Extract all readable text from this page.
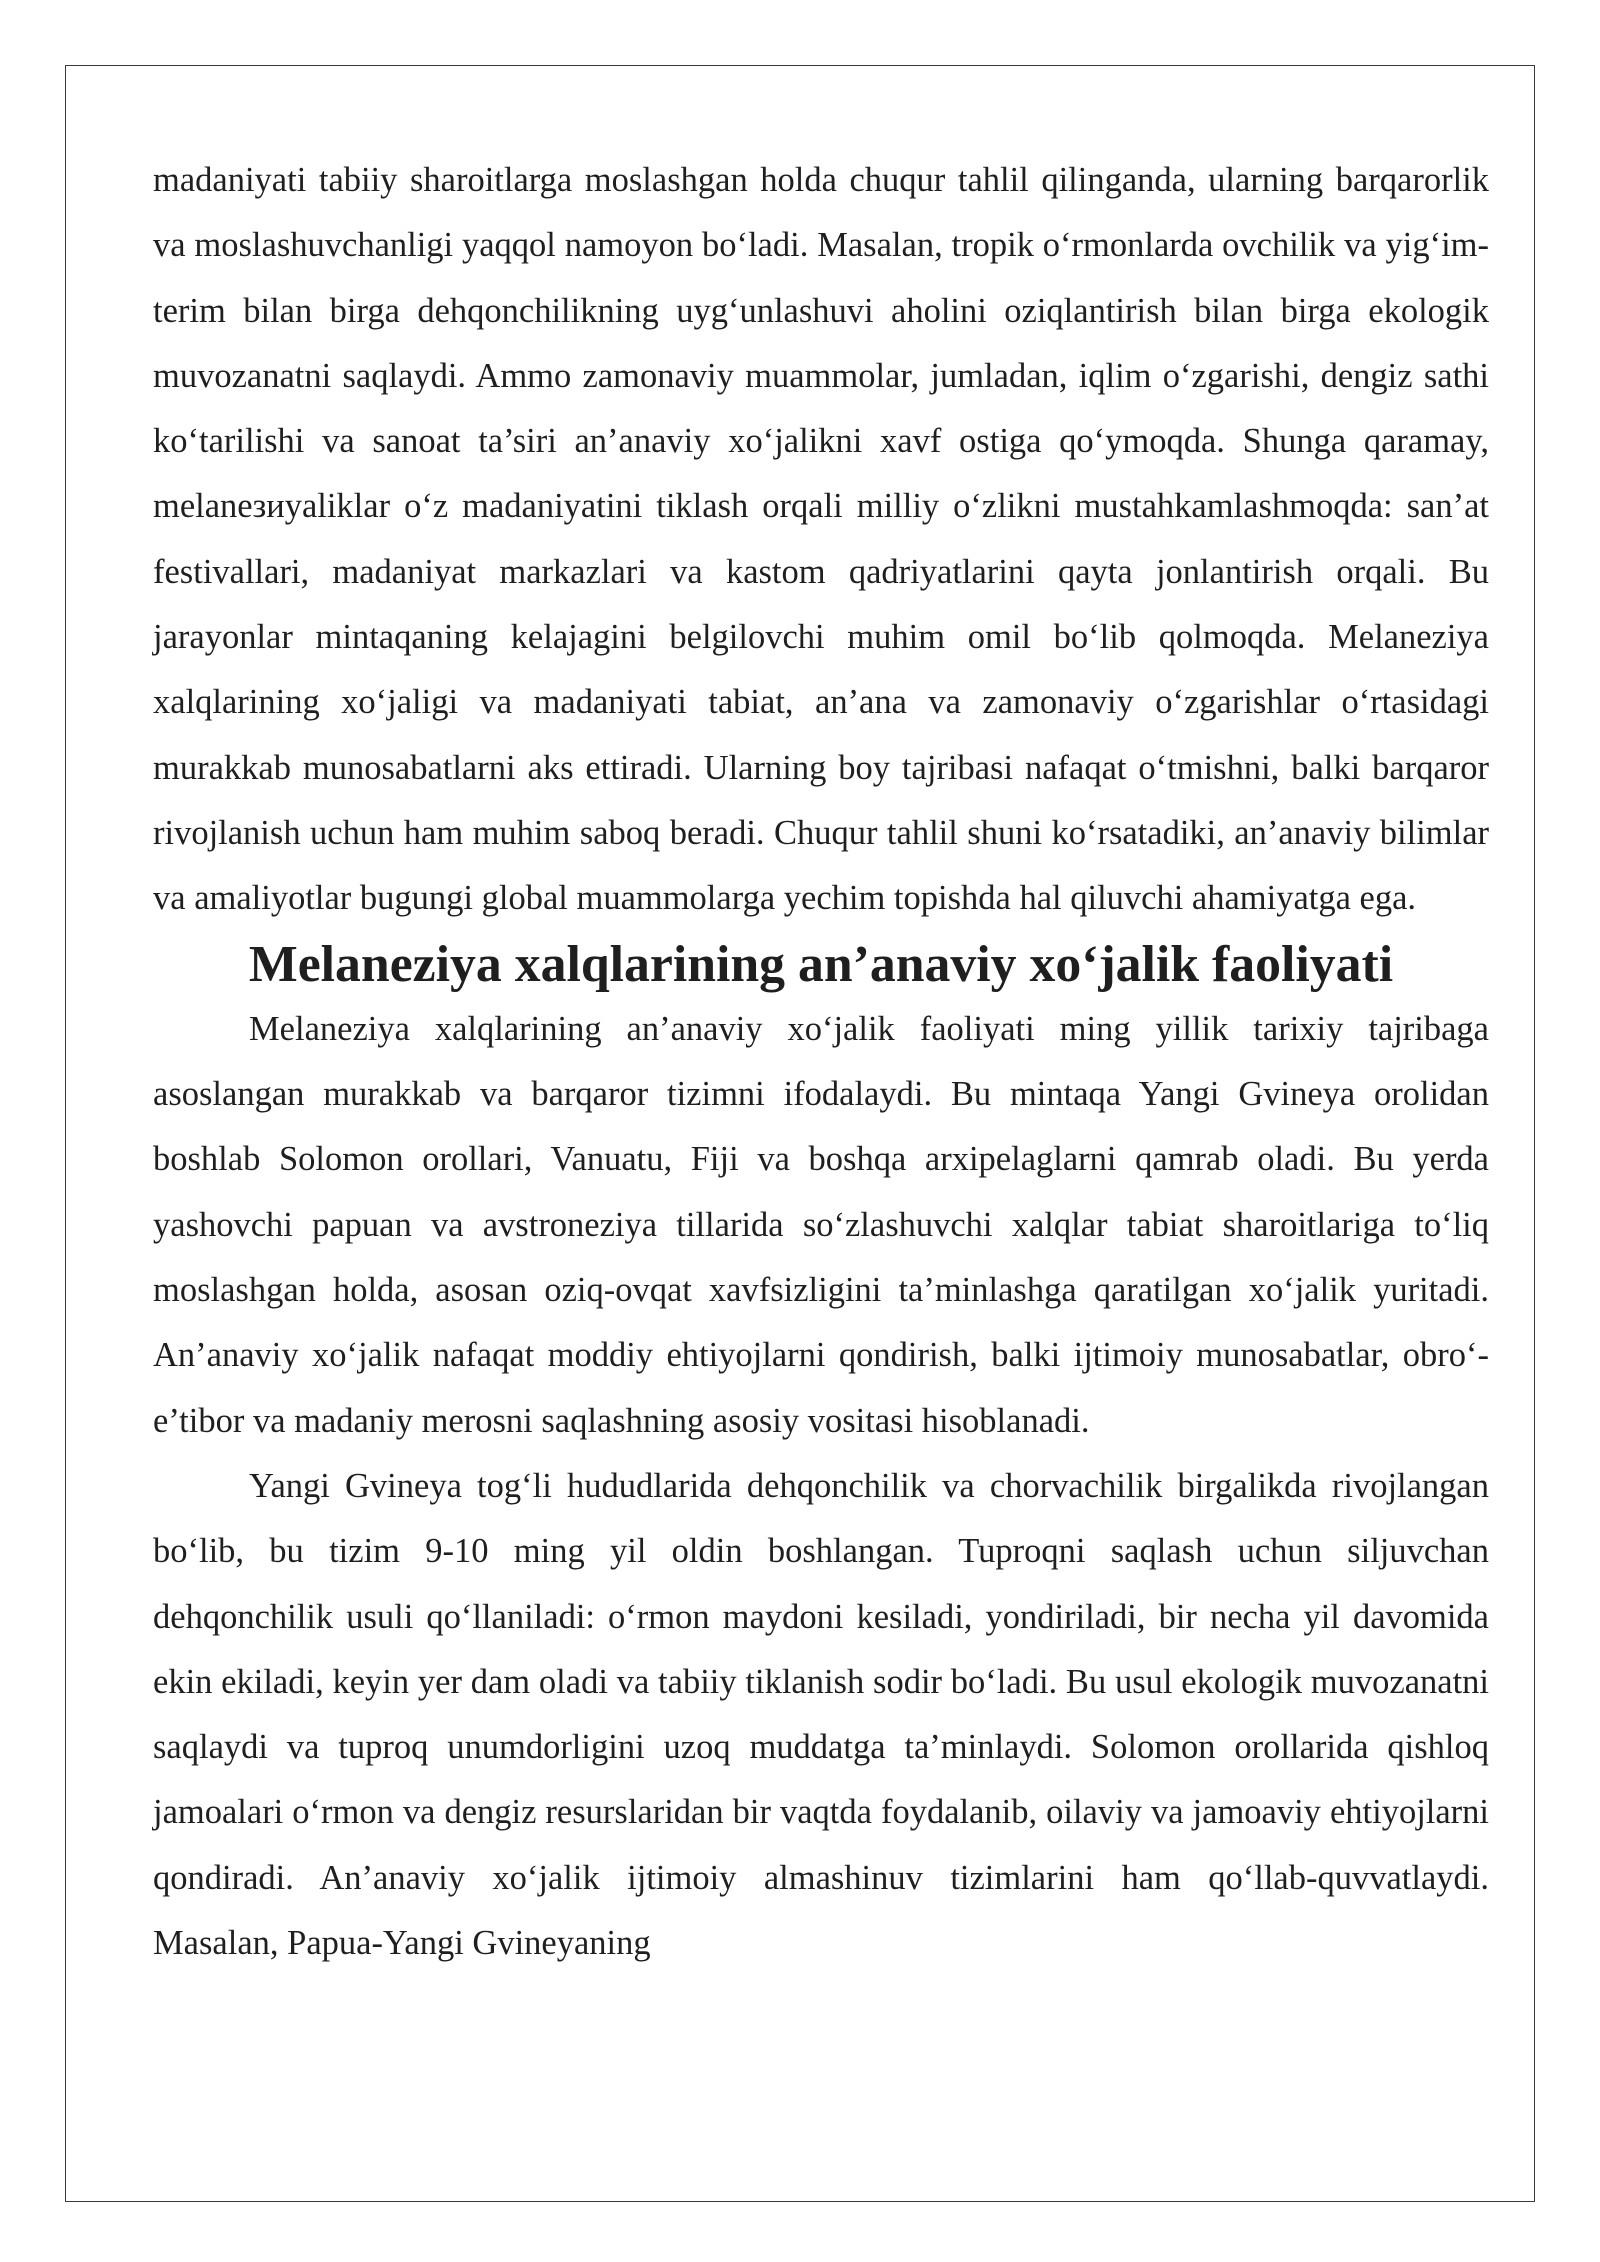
madaniyati tabiiy sharoitlarga moslashgan holda chuqur tahlil qilinganda, ularning barqarorlik va moslashuvchanligi yaqqol namoyon bo‘ladi. Masalan, tropik o‘rmonlarda ovchilik va yig‘im-terim bilan birga dehqonchilikning uyg‘unlashuvi aholini oziqlantirish bilan birga ekologik muvozanatni saqlaydi. Ammo zamonaviy muammolar, jumladan, iqlim o‘zgarishi, dengiz sathi ko‘tarilishi va sanoat ta’siri an’anaviy xo‘jalikni xavf ostiga qo‘ymoqda. Shunga qaramay, melaneзиyaliklar o‘z madaniyatini tiklash orqali milliy o‘zlikni mustahkamlashmoqda: san’at festivallari, madaniyat markazlari va kastom qadriyatlarini qayta jonlantirish orqali. Bu jarayonlar mintaqaning kelajagini belgilovchi muhim omil bo‘lib qolmoqda. Melaneziya xalqlarining xo‘jaligi va madaniyati tabiat, an’ana va zamonaviy o‘zgarishlar o‘rtasidagi murakkab munosabatlarni aks ettiradi. Ularning boy tajribasi nafaqat o‘tmishni, balki barqaror rivojlanish uchun ham muhim saboq beradi. Chuqur tahlil shuni ko‘rsatadiki, an’anaviy bilimlar va amaliyotlar bugungi global muammolarga yechim topishda hal qiluvchi ahamiyatga ega.

Melaneziya xalqlarining an’anaviy xo‘jalik faoliyati

Melaneziya xalqlarining an’anaviy xo‘jalik faoliyati ming yillik tarixiy tajribaga asoslangan murakkab va barqaror tizimni ifodalaydi. Bu mintaqa Yangi Gvineya orolidan boshlab Solomon orollari, Vanuatu, Fiji va boshqa arxipelaglarni qamrab oladi. Bu yerda yashovchi papuan va avstroneziya tillarida so‘zlashuvchi xalqlar tabiat sharoitlariga to‘liq moslashgan holda, asosan oziq-ovqat xavfsizligini ta’minlashga qaratilgan xo‘jalik yuritadi. An’anaviy xo‘jalik nafaqat moddiy ehtiyojlarni qondirish, balki ijtimoiy munosabatlar, obro‘-e’tibor va madaniy merosni saqlashning asosiy vositasi hisoblanadi.

Yangi Gvineya tog‘li hududlarida dehqonchilik va chorvachilik birgalikda rivojlangan bo‘lib, bu tizim 9-10 ming yil oldin boshlangan. Tuproqni saqlash uchun siljuvchan dehqonchilik usuli qo‘llaniladi: o‘rmon maydoni kesiladi, yondiriladi, bir necha yil davomida ekin ekiladi, keyin yer dam oladi va tabiiy tiklanish sodir bo‘ladi. Bu usul ekologik muvozanatni saqlaydi va tuproq unumdorligini uzoq muddatga ta’minlaydi. Solomon orollarida qishloq jamoalari o‘rmon va dengiz resurslaridan bir vaqtda foydalanib, oilaviy va jamoaviy ehtiyojlarni qondiradi. An’anaviy xo‘jalik ijtimoiy almashinuv tizimlarini ham qo‘llab-quvvatlaydi. Masalan, Papua-Yangi Gvineyaning
